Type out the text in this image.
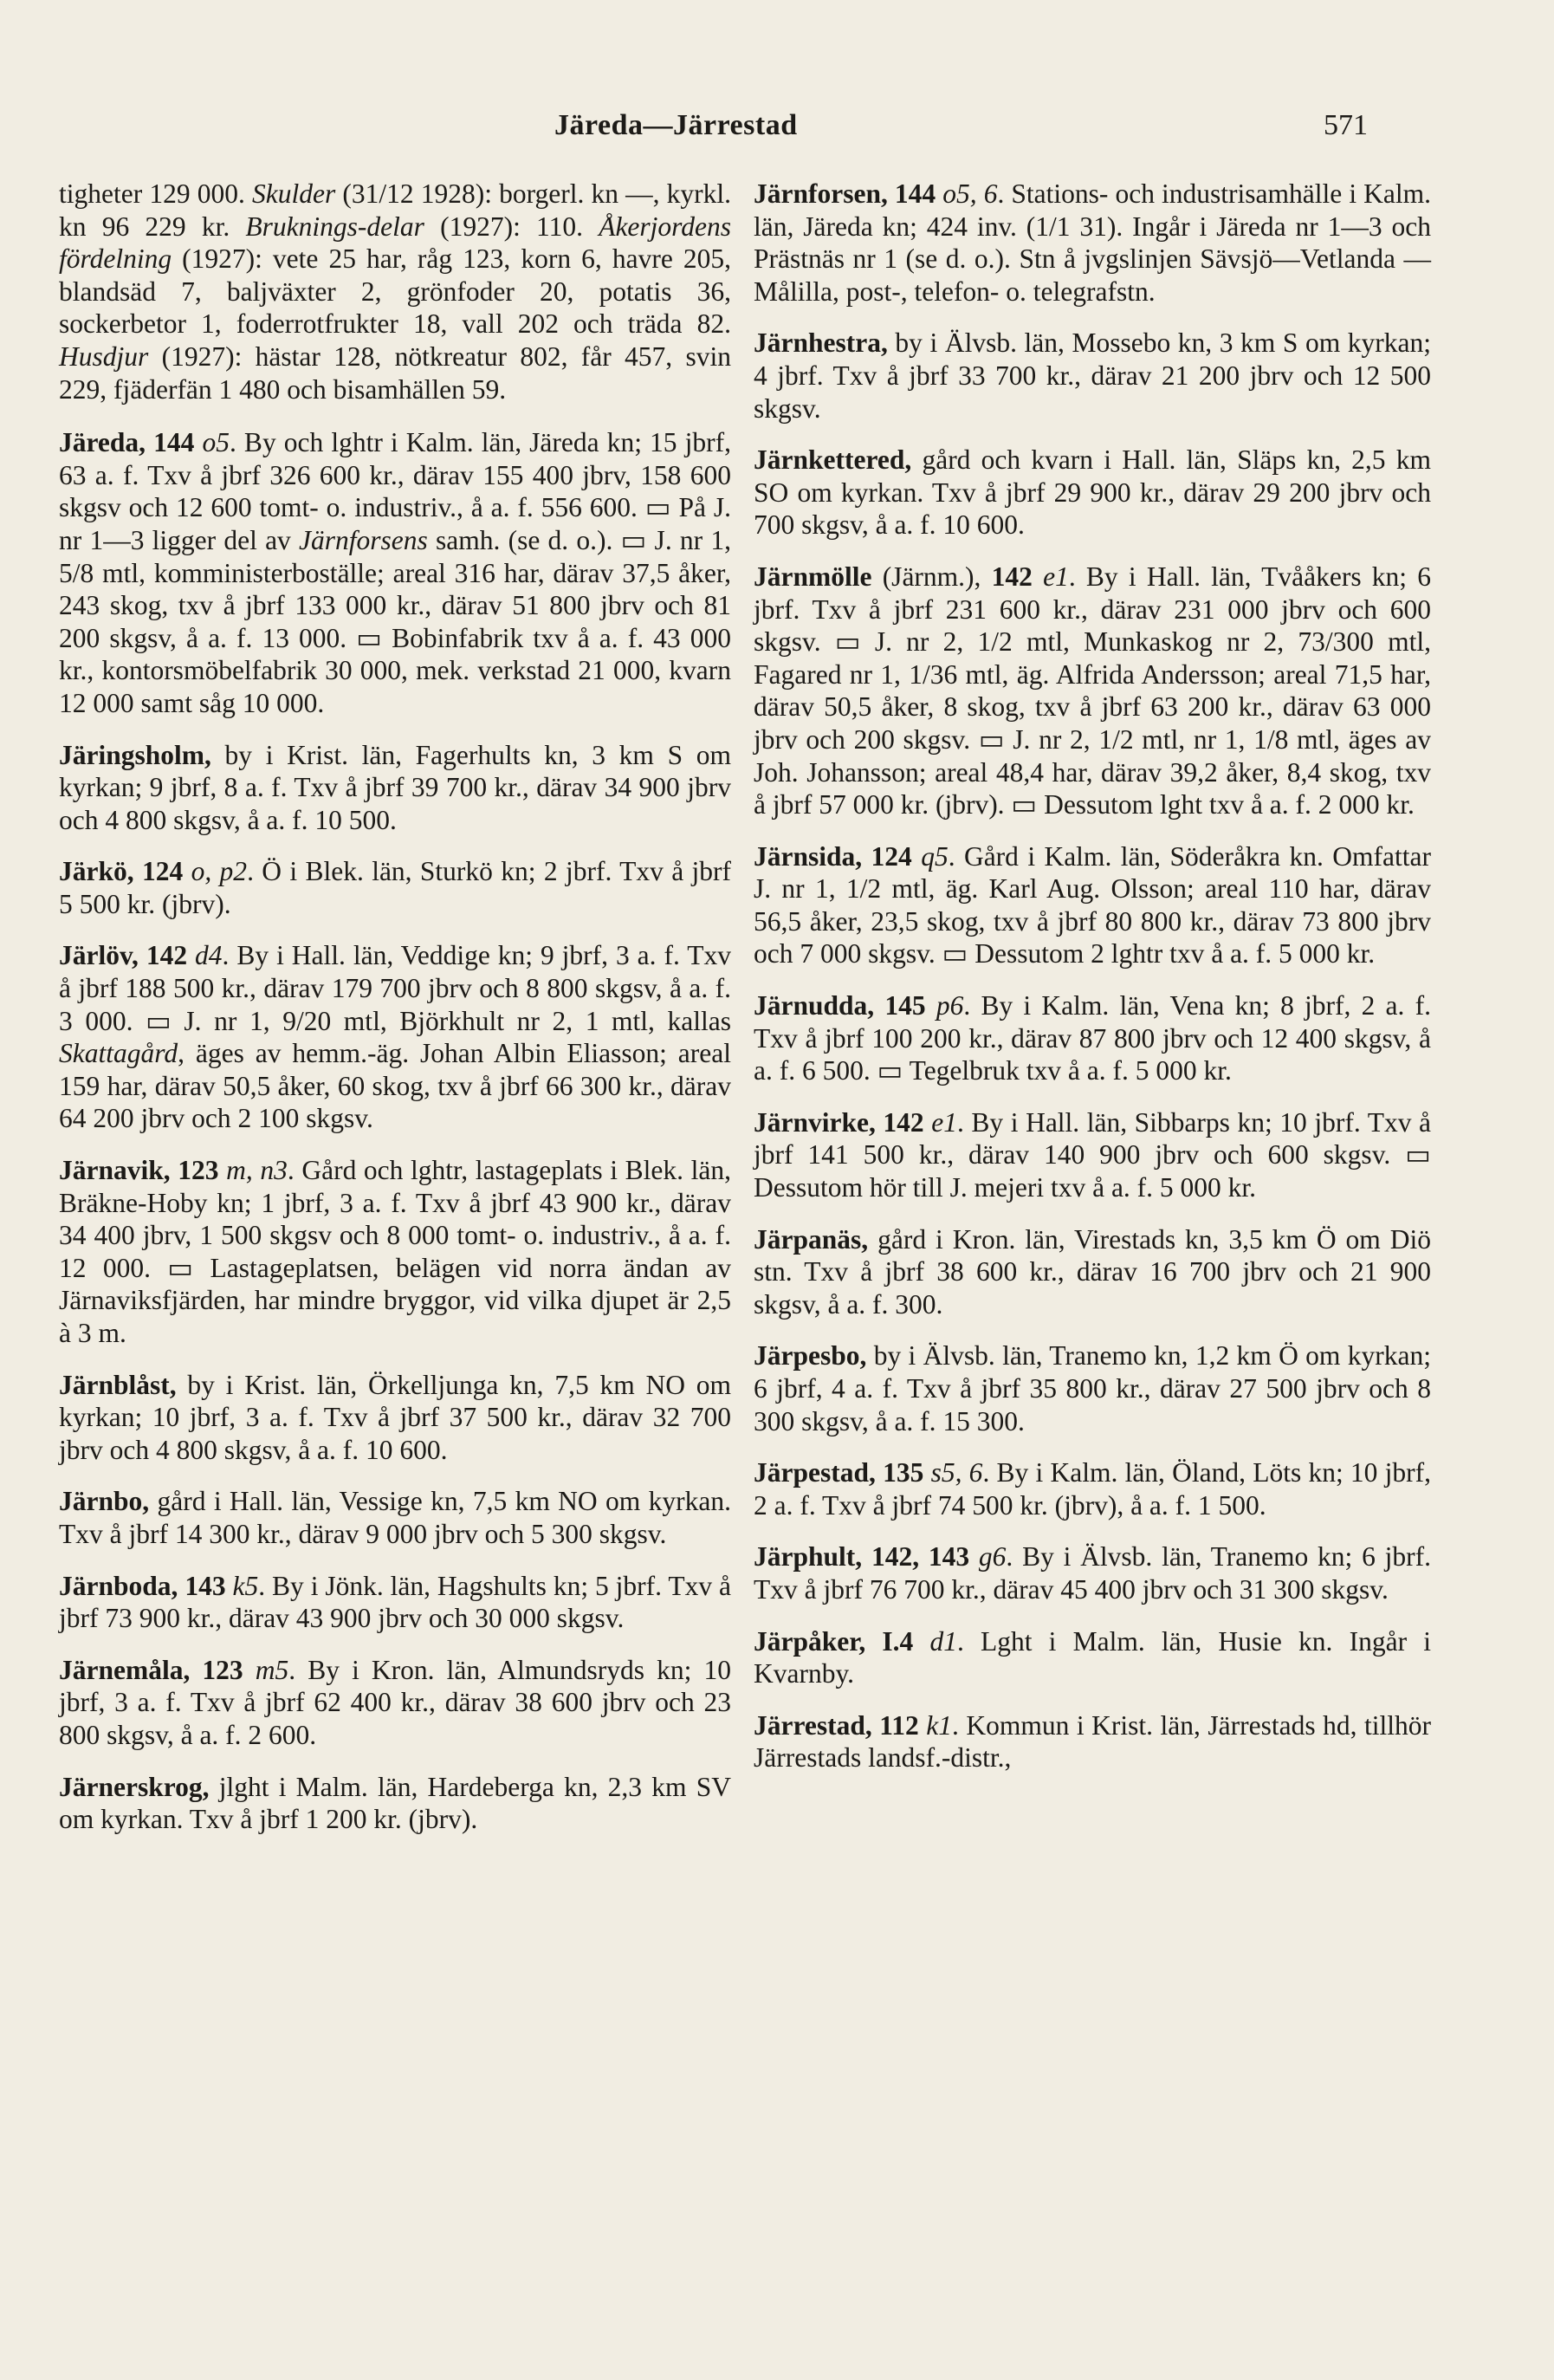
Järeda—Järrestad	571

tigheter 129 000. Skulder (31/12 1928): borgerl. kn —, kyrkl. kn 96 229 kr. Bruknings-delar (1927): 110. Åkerjordens fördelning (1927): vete 25 har, råg 123, korn 6, havre 205, blandsäd 7, baljväxter 2, grönfoder 20, potatis 36, sockerbetor 1, foderrotfrukter 18, vall 202 och träda 82. Husdjur (1927): hästar 128, nötkreatur 802, får 457, svin 229, fjäderfän 1 480 och bisamhällen 59.

Järeda, 144 o5. By och lghtr i Kalm. län, Järeda kn; 15 jbrf, 63 a. f. Txv å jbrf 326 600 kr., därav 155 400 jbrv, 158 600 skgsv och 12 600 tomt- o. industriv., å a. f. 556 600. ▭ På J. nr 1—3 ligger del av Järnforsens samh. (se d. o.). ▭ J. nr 1, 5/8 mtl, komministerboställe; areal 316 har, därav 37,5 åker, 243 skog, txv å jbrf 133 000 kr., därav 51 800 jbrv och 81 200 skgsv, å a. f. 13 000. ▭ Bobinfabrik txv å a. f. 43 000 kr., kontorsmöbelfabrik 30 000, mek. verkstad 21 000, kvarn 12 000 samt såg 10 000.

Järingsholm, by i Krist. län, Fagerhults kn, 3 km S om kyrkan; 9 jbrf, 8 a. f. Txv å jbrf 39 700 kr., därav 34 900 jbrv och 4 800 skgsv, å a. f. 10 500.

Järkö, 124 o, p2. Ö i Blek. län, Sturkö kn; 2 jbrf. Txv å jbrf 5 500 kr. (jbrv).

Järlöv, 142 d4. By i Hall. län, Veddige kn; 9 jbrf, 3 a. f. Txv å jbrf 188 500 kr., därav 179 700 jbrv och 8 800 skgsv, å a. f. 3 000. ▭ J. nr 1, 9/20 mtl, Björkhult nr 2, 1 mtl, kallas Skattagård, äges av hemm.-äg. Johan Albin Eliasson; areal 159 har, därav 50,5 åker, 60 skog, txv å jbrf 66 300 kr., därav 64 200 jbrv och 2 100 skgsv.

Järnavik, 123 m, n3. Gård och lghtr, lastageplats i Blek. län, Bräkne-Hoby kn; 1 jbrf, 3 a. f. Txv å jbrf 43 900 kr., därav 34 400 jbrv, 1 500 skgsv och 8 000 tomt- o. industriv., å a. f. 12 000. ▭ Lastageplatsen, belägen vid norra ändan av Järnaviksfjärden, har mindre bryggor, vid vilka djupet är 2,5 à 3 m.

Järnblåst, by i Krist. län, Örkelljunga kn, 7,5 km NO om kyrkan; 10 jbrf, 3 a. f. Txv å jbrf 37 500 kr., därav 32 700 jbrv och 4 800 skgsv, å a. f. 10 600.

Järnbo, gård i Hall. län, Vessige kn, 7,5 km NO om kyrkan. Txv å jbrf 14 300 kr., därav 9 000 jbrv och 5 300 skgsv.

Järnboda, 143 k5. By i Jönk. län, Hagshults kn; 5 jbrf. Txv å jbrf 73 900 kr., därav 43 900 jbrv och 30 000 skgsv.

Järnemåla, 123 m5. By i Kron. län, Almundsryds kn; 10 jbrf, 3 a. f. Txv å jbrf 62 400 kr., därav 38 600 jbrv och 23 800 skgsv, å a. f. 2 600.

Järnerskrog, jlght i Malm. län, Hardeberga kn, 2,3 km SV om kyrkan. Txv å jbrf 1 200 kr. (jbrv).

Järnforsen, 144 o5, 6. Stations- och industrisamhälle i Kalm. län, Järeda kn; 424 inv. (1/1 31). Ingår i Järeda nr 1—3 och Prästnäs nr 1 (se d. o.). Stn å jvgslinjen Sävsjö—Vetlanda — Målilla, post-, telefon- o. telegrafstn.

Järnhestra, by i Älvsb. län, Mossebo kn, 3 km S om kyrkan; 4 jbrf. Txv å jbrf 33 700 kr., därav 21 200 jbrv och 12 500 skgsv.

Järnkettered, gård och kvarn i Hall. län, Släps kn, 2,5 km SO om kyrkan. Txv å jbrf 29 900 kr., därav 29 200 jbrv och 700 skgsv, å a. f. 10 600.

Järnmölle (Järnm.), 142 e1. By i Hall. län, Tvååkers kn; 6 jbrf. Txv å jbrf 231 600 kr., därav 231 000 jbrv och 600 skgsv. ▭ J. nr 2, 1/2 mtl, Munkaskog nr 2, 73/300 mtl, Fagared nr 1, 1/36 mtl, äg. Alfrida Andersson; areal 71,5 har, därav 50,5 åker, 8 skog, txv å jbrf 63 200 kr., därav 63 000 jbrv och 200 skgsv. ▭ J. nr 2, 1/2 mtl, nr 1, 1/8 mtl, äges av Joh. Johansson; areal 48,4 har, därav 39,2 åker, 8,4 skog, txv å jbrf 57 000 kr. (jbrv). ▭ Dessutom lght txv å a. f. 2 000 kr.

Järnsida, 124 q5. Gård i Kalm. län, Söderåkra kn. Omfattar J. nr 1, 1/2 mtl, äg. Karl Aug. Olsson; areal 110 har, därav 56,5 åker, 23,5 skog, txv å jbrf 80 800 kr., därav 73 800 jbrv och 7 000 skgsv. ▭ Dessutom 2 lghtr txv å a. f. 5 000 kr.

Järnudda, 145 p6. By i Kalm. län, Vena kn; 8 jbrf, 2 a. f. Txv å jbrf 100 200 kr., därav 87 800 jbrv och 12 400 skgsv, å a. f. 6 500. ▭ Tegelbruk txv å a. f. 5 000 kr.

Järnvirke, 142 e1. By i Hall. län, Sibbarps kn; 10 jbrf. Txv å jbrf 141 500 kr., därav 140 900 jbrv och 600 skgsv. ▭ Dessutom hör till J. mejeri txv å a. f. 5 000 kr.

Järpanäs, gård i Kron. län, Virestads kn, 3,5 km Ö om Diö stn. Txv å jbrf 38 600 kr., därav 16 700 jbrv och 21 900 skgsv, å a. f. 300.

Järpesbo, by i Älvsb. län, Tranemo kn, 1,2 km Ö om kyrkan; 6 jbrf, 4 a. f. Txv å jbrf 35 800 kr., därav 27 500 jbrv och 8 300 skgsv, å a. f. 15 300.

Järpestad, 135 s5, 6. By i Kalm. län, Öland, Löts kn; 10 jbrf, 2 a. f. Txv å jbrf 74 500 kr. (jbrv), å a. f. 1 500.

Järphult, 142, 143 g6. By i Älvsb. län, Tranemo kn; 6 jbrf. Txv å jbrf 76 700 kr., därav 45 400 jbrv och 31 300 skgsv.

Järpåker, I.4 d1. Lght i Malm. län, Husie kn. Ingår i Kvarnby.

Järrestad, 112 k1. Kommun i Krist. län, Järrestads hd, tillhör Järrestads landsf.-distr.,
